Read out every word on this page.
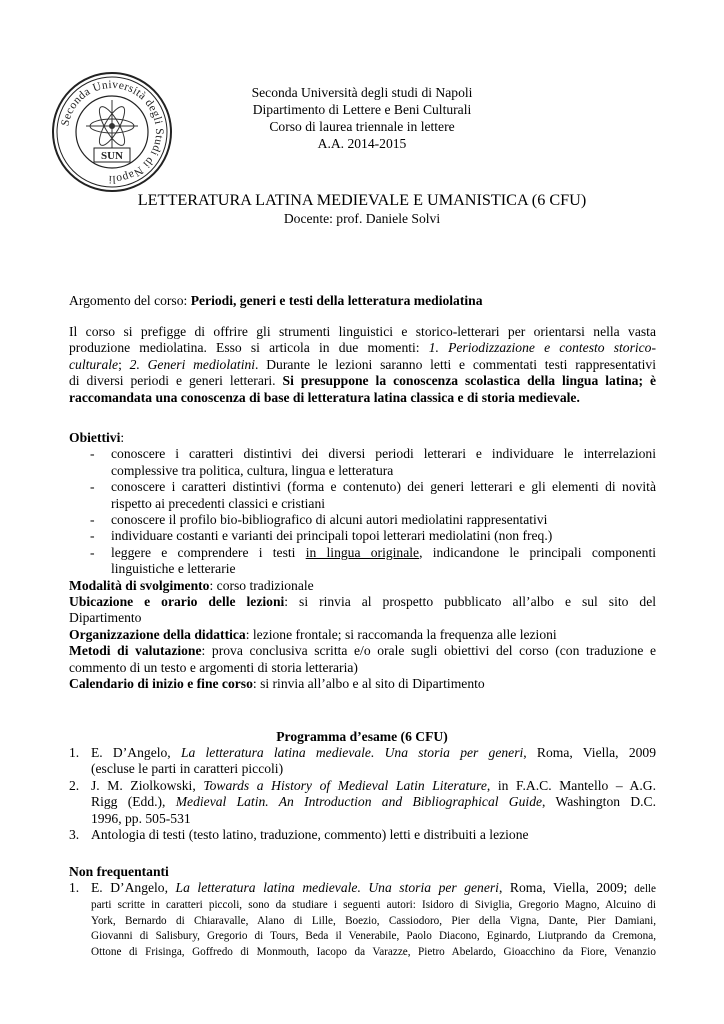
Seconda Università degli Studi di Napoli
SUN
Seconda Università degli studi di Napoli
Dipartimento di Lettere e Beni Culturali
Corso di laurea triennale in lettere
A.A. 2014-2015
LETTERATURA LATINA MEDIEVALE E UMANISTICA (6 CFU)
Docente: prof. Daniele Solvi
Argomento del corso: Periodi, generi e testi della letteratura mediolatina
Il corso si prefigge di offrire gli strumenti linguistici e storico-letterari per orientarsi nella vasta
produzione mediolatina. Esso si articola in due momenti: 1. Periodizzazione e contesto storico-
culturale; 2. Generi mediolatini. Durante le lezioni saranno letti e commentati testi rappresentativi
di diversi periodi e generi letterari. Si presuppone la conoscenza scolastica della lingua latina; è
raccomandata una conoscenza di base di letteratura latina classica e di storia medievale.
Obiettivi:
- conoscere i caratteri distintivi dei diversi periodi letterari e individuare le interrelazioni
complessive tra politica, cultura, lingua e letteratura
- conoscere i caratteri distintivi (forma e contenuto) dei generi letterari e gli elementi di novità
rispetto ai precedenti classici e cristiani
- conoscere il profilo bio-bibliografico di alcuni autori mediolatini rappresentativi
- individuare costanti e varianti dei principali topoi letterari mediolatini (non freq.)
- leggere e comprendere i testi in lingua originale, indicandone le principali componenti
linguistiche e letterarie
Modalità di svolgimento: corso tradizionale
Ubicazione e orario delle lezioni: si rinvia al prospetto pubblicato all’albo e sul sito del
Dipartimento
Organizzazione della didattica: lezione frontale; si raccomanda la frequenza alle lezioni
Metodi di valutazione: prova conclusiva scritta e/o orale sugli obiettivi del corso (con traduzione e
commento di un testo e argomenti di storia letteraria)
Calendario di inizio e fine corso: si rinvia all’albo e al sito di Dipartimento
Programma d’esame (6 CFU)
1. E. D’Angelo, La letteratura latina medievale. Una storia per generi, Roma, Viella, 2009
(escluse le parti in caratteri piccoli)
2. J. M. Ziolkowski, Towards a History of Medieval Latin Literature, in F.A.C. Mantello – A.G.
Rigg (Edd.), Medieval Latin. An Introduction and Bibliographical Guide, Washington D.C.
1996, pp. 505-531
3. Antologia di testi (testo latino, traduzione, commento) letti e distribuiti a lezione
Non frequentanti
1. E. D’Angelo, La letteratura latina medievale. Una storia per generi, Roma, Viella, 2009; delle
parti scritte in caratteri piccoli, sono da studiare i seguenti autori: Isidoro di Siviglia, Gregorio Magno, Alcuino di
York, Bernardo di Chiaravalle, Alano di Lille, Boezio, Cassiodoro, Pier della Vigna, Dante, Pier Damiani,
Giovanni di Salisbury, Gregorio di Tours, Beda il Venerabile, Paolo Diacono, Eginardo, Liutprando da Cremona,
Ottone di Frisinga, Goffredo di Monmouth, Iacopo da Varazze, Pietro Abelardo, Gioacchino da Fiore, Venanzio
